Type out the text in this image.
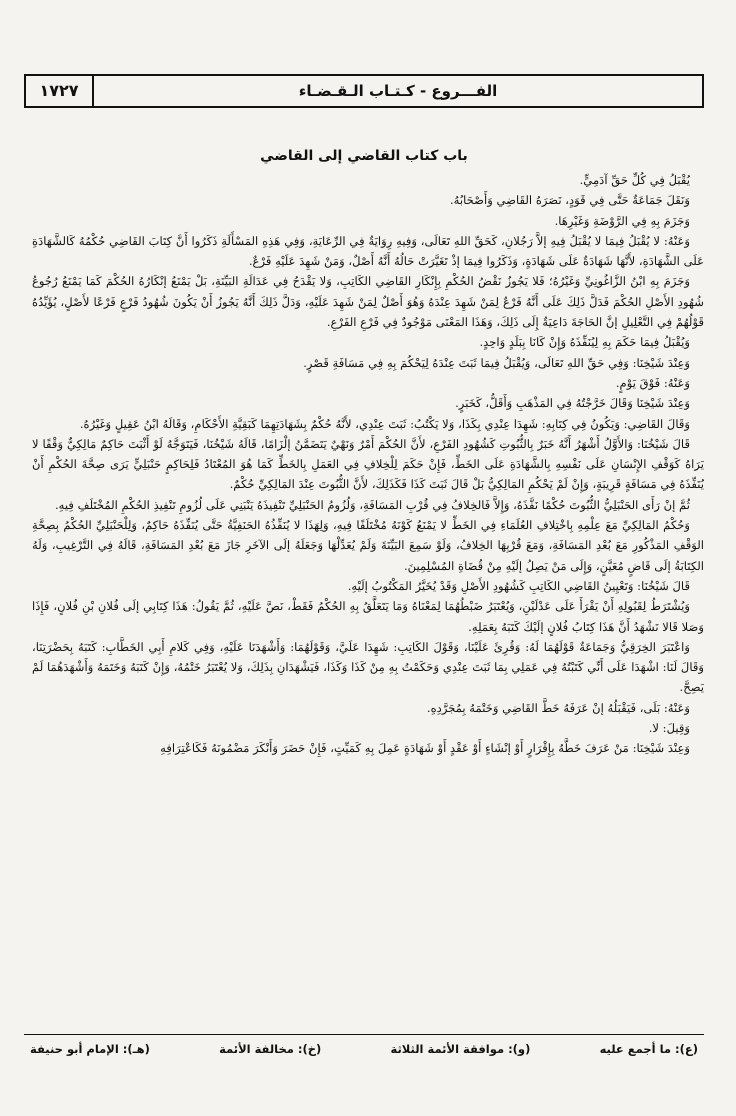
الفـــروع - كـتـاب الـقـضـاء
١٧٢٧
باب كتاب القاضي إلى القاضي

يُقْبَلُ فِي كُلِّ حَقِّ آدَمِيٍّ.

وَنَقَلَ جَمَاعَةٌ حَتَّى فِي قَوَدٍ، نَصَرَهُ القَاضِي وَأَصْحَابُهُ.

وَجَزَمَ بِهِ فِي الرَّوْضَةِ وَغَيْرِهَا.

وَعَنْهُ: لا يُقْبَلُ فِيمَا لا يُقْبَلُ فِيهِ إلاَّ رَجُلانِ، كَحَقِّ اللهِ تَعَالَى، وَفِيهِ رِوَايَةٌ فِي الرِّعَايَةِ، وَفِي هَذِهِ المَسْأَلَةِ ذَكَرُوا أَنَّ كِتَابَ القَاضِي حُكْمُهُ كَالشَّهَادَةِ عَلَى الشَّهَادَةِ، لأَنَّهَا شَهَادَةٌ عَلَى شَهَادَةٍ، وَذَكَرُوا فِيمَا إذْ تَغَيَّرَتْ حَالُهُ أَنَّهُ أَصْلٌ، وَمَنْ شَهِدَ عَلَيْهِ فَرْعٌ.

وَجَزَمَ بِهِ ابْنُ الزَّاغُونِيِّ وَغَيْرُهُ؛ فَلا يَجُوزُ نَقْضُ الحُكْمِ بِإِنْكَارِ القَاضِي الكَاتِبِ، وَلا يَقْدَحُ فِي عَدَالَةِ البَيِّنَةِ، بَلْ يَمْنَعُ إنْكَارُهُ الحُكْمَ كَمَا يَمْنَعُ رُجُوعُ شُهُودِ الأَصْلِ الحُكْمَ فَدَلَّ ذَلِكَ عَلَى أَنَّهُ فَرْعٌ لِمَنْ شَهِدَ عِنْدَهُ وَهُوَ أَصْلٌ لِمَنْ شَهِدَ عَلَيْهِ، وَدَلَّ ذَلِكَ أَنَّهُ يَجُوزُ أَنْ يَكُونَ شُهُودُ فَرْعٍ فَرْعًا لأَصْلٍ، يُؤَيِّدُهُ قَوْلُهُمْ فِي التَّعْلِيلِ إنَّ الحَاجَةَ دَاعِيَةٌ إِلَى ذَلِكَ، وَهَذَا المَعْنَى مَوْجُودٌ فِي فَرْعِ الفَرْعِ.

وَيُقْبَلُ فِيمَا حَكَمَ بِهِ لِيُنَفِّذَهُ وَإِنْ كَانَا بِبَلَدٍ وَاحِدٍ.

وَعِنْدَ شَيْخِنَا: وَفِي حَقِّ اللهِ تَعَالَى، وَيُقْبَلُ فِيمَا ثَبَتَ عِنْدَهُ لِيَحْكُمَ بِهِ فِي مَسَافَةِ قَصْرٍ.

وَعَنْهُ: فَوْقَ يَوْمٍ.

وَعِنْدَ شَيْخِنَا وَقَالَ خَرَّجْتُهُ فِي المَذْهَبِ وَأَقَلُّ، كَخَبَرٍ.

وَقَالَ القَاضِي: وَيَكُونُ فِي كِتَابِهِ: شَهِدَا عِنْدِي بِكَذَا، وَلا يَكْتُبُ: ثَبَتَ عِنْدِي، لأَنَّهُ حُكْمٌ بِشَهَادَتِهِمَا كَبَقِيَّةِ الأَحْكَامِ، وَقَالَهُ ابْنُ عَقِيلٍ وَغَيْرُهُ.

قَالَ شَيْخُنَا: وَالأَوَّلُ أَشْهَرُ أَنَّهُ خَبَرٌ بِالثُّبُوتِ كَشُهُودِ الفَرْعِ، لأَنَّ الحُكْمَ أَمْرٌ وَنَهْيٌ يَتَضَمَّنُ إلْزَامًا، قَالَهُ شَيْخُنَا، فَيَتَوَجَّهُ لَوْ أَثْبَتَ حَاكِمٌ مَالِكِيٌّ وَقْفًا لا يَرَاهُ كَوَقْفِ الإِنْسَانِ عَلَى نَفْسِهِ بِالشَّهَادَةِ عَلَى الخَطِّ، فَإِنْ حَكَمَ لِلْخِلافِ فِي العَمَلِ بِالخَطِّ كَمَا هُوَ المُعْتَادُ فَلِحَاكِمٍ حَنْبَلِيٍّ يَرَى صِحَّةَ الحُكْمِ أَنْ يُنَفِّذَهُ فِي مَسَافَةٍ قَرِيبَةٍ، وَإِنْ لَمْ يَحْكُمِ المَالِكِيُّ بَلْ قَالَ ثَبَتَ كَذَا فَكَذَلِكَ، لأَنَّ الثُّبُوتَ عِنْدَ المَالِكِيِّ حُكْمٌ.

ثُمَّ إنْ رَأَى الحَنْبَلِيُّ الثُّبُوتَ حُكْمًا نَفَّذَهُ، وَإِلاَّ فَالخِلافُ فِي قُرْبِ المَسَافَةِ، وَلُزُومُ الحَنْبَلِيِّ تَنْفِيذَهُ يَنْبَنِي عَلَى لُزُومِ تَنْفِيذِ الحُكْمِ المُخْتَلَفِ فِيهِ.

وَحُكْمُ المَالِكِيِّ مَعَ عِلْمِهِ بِاخْتِلافِ العُلَمَاءِ فِي الخَطِّ لا يَمْنَعُ كَوْنَهُ مُخْتَلَفًا فِيهِ، وَلِهَذَا لا يُنَفِّذُهُ الحَنَفِيَّةُ حَتَّى يُنَفِّذَهُ حَاكِمٌ، وَلِلْحَنْبَلِيِّ الحُكْمُ بِصِحَّةِ الوَقْفِ المَذْكُورِ مَعَ بُعْدِ المَسَافَةِ، وَمَعَ قُرْبِهَا الخِلافُ، وَلَوْ سَمِعَ البَيِّنَةَ وَلَمْ يُعَدِّلْهَا وَجَعَلَهُ إلَى الآخَرِ جَازَ مَعَ بُعْدِ المَسَافَةِ، قَالَهُ فِي التَّرْغِيبِ، وَلَهُ الكِتَابَةُ إلَى قَاضٍ مُعَيَّنٍ، وَإِلَى مَنْ يَصِلُ إلَيْهِ مِنْ قُضَاةِ المُسْلِمِينَ.

قَالَ شَيْخُنَا: وَتَعْيِينُ القَاضِي الكَاتِبِ كَشُهُودِ الأَصْلِ وَقَدْ يُخَيَّرُ المَكْتُوبُ إلَيْهِ.

وَيُشْتَرَطُ لِقَبُولِهِ أَنْ يَقْرَأَ عَلَى عَدْلَيْنِ، وَيُعْتَبَرُ ضَبْطُهُمَا لِمَعْنَاهُ وَمَا يَتَعَلَّقُ بِهِ الحُكْمُ فَقَطْ، نَصَّ عَلَيْهِ، ثُمَّ يَقُولُ: هَذَا كِتَابِي إلَى فُلانِ بْنِ فُلانٍ، فَإِذَا وَصَلا قَالا نَشْهَدُ أَنَّ هَذَا كِتَابُ فُلانٍ إلَيْكَ كَتَبَهُ بِعَمَلِهِ.

وَاعْتَبَرَ الخِرَقِيُّ وَجَمَاعَةٌ قَوْلَهُمَا لَهُ: وَقُرِئَ عَلَيْنَا، وَقَوْلَ الكَاتِبِ: شَهِدَا عَلَيَّ، وَقَوْلَهُمَا: وَأَشْهَدَنَا عَلَيْهِ، وَفِي كَلامِ أَبِي الخَطَّابِ: كَتَبَهُ بِحَضْرَتِنَا، وَقَالَ لَنَا: اشْهَدَا عَلَى أَنِّي كَتَبْتُهُ فِي عَمَلِي بِمَا ثَبَتَ عِنْدِي وَحَكَمْتُ بِهِ مِنْ كَذَا وَكَذَا، فَيَشْهَدَانِ بِذَلِكَ، وَلا يُعْتَبَرُ خَتْمُهُ، وَإِنْ كَتَبَهُ وَخَتَمَهُ وَأَشْهَدَهُمَا لَمْ يَصِحَّ.

وَعَنْهُ: بَلَى، فَيَقْبَلُهُ إنْ عَرَفَهُ خَطَّ القَاضِي وَخَتْمَهُ بِمُجَرَّدِهِ.

وَقِيلَ: لا.

وَعِنْدَ شَيْخِنَا: مَنْ عَرَفَ خَطَّهُ بِإِقْرَارٍ أَوْ إنْشَاءٍ أَوْ عَقْدٍ أَوْ شَهَادَةٍ عَمِلَ بِهِ كَمَيِّتٍ، فَإِنْ حَضَرَ وَأَنْكَرَ مَضْمُونَهُ فَكَاعْتِرَافِهِ

(ع): ما أجمع عليه
(و): موافقة الأئمة الثلاثة
(خ): مخالفة الأئمة
(هـ): الإمام أبو حنيفة
